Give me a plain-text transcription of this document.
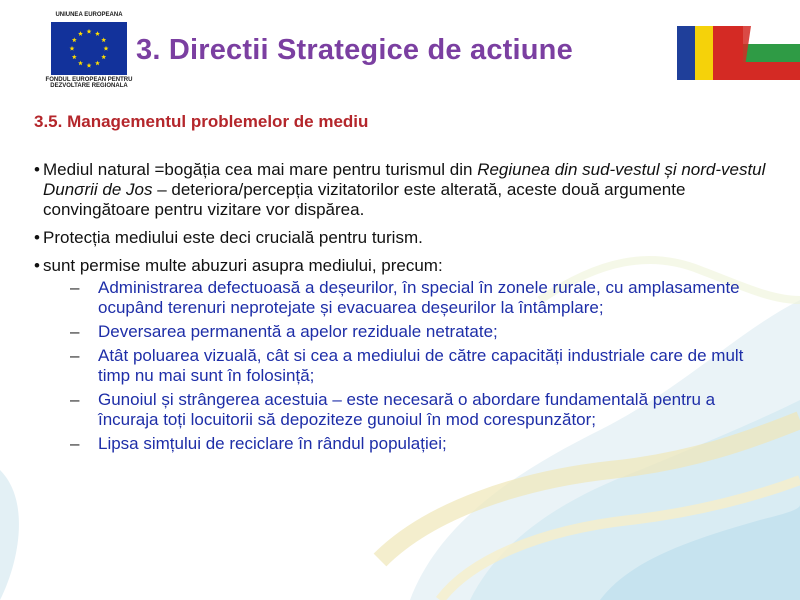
UNIUNEA EUROPEANA
FONDUL EUROPEAN PENTRU
DEZVOLTARE REGIONALA
3. Directii Strategice de actiune
3.5. Managementul problemelor de mediu
• Mediul natural =bogăția cea mai mare pentru turismul din Regiunea din sud-vestul și nord-vestul Dunσrii de Jos – deteriora/percepția vizitatorilor este alterată, aceste două argumente convingătoare pentru vizitare vor dispărea.
• Protecția mediului este deci crucială pentru turism.
• sunt permise multe abuzuri asupra mediului, precum:
– Administrarea defectuoasă a deșeurilor, în special în zonele rurale, cu amplasamente ocupând terenuri neprotejate și evacuarea deșeurilor la întâmplare;
– Deversarea permanentă a apelor reziduale netratate;
– Atât poluarea vizuală, cât si cea a mediului de către capacități industriale care de mult timp nu mai sunt în folosință;
– Gunoiul și strângerea acestuia – este necesară o abordare fundamentală pentru a încuraja toți locuitorii să depoziteze gunoiul în mod corespunzător;
– Lipsa simțului de reciclare în rândul populației;
